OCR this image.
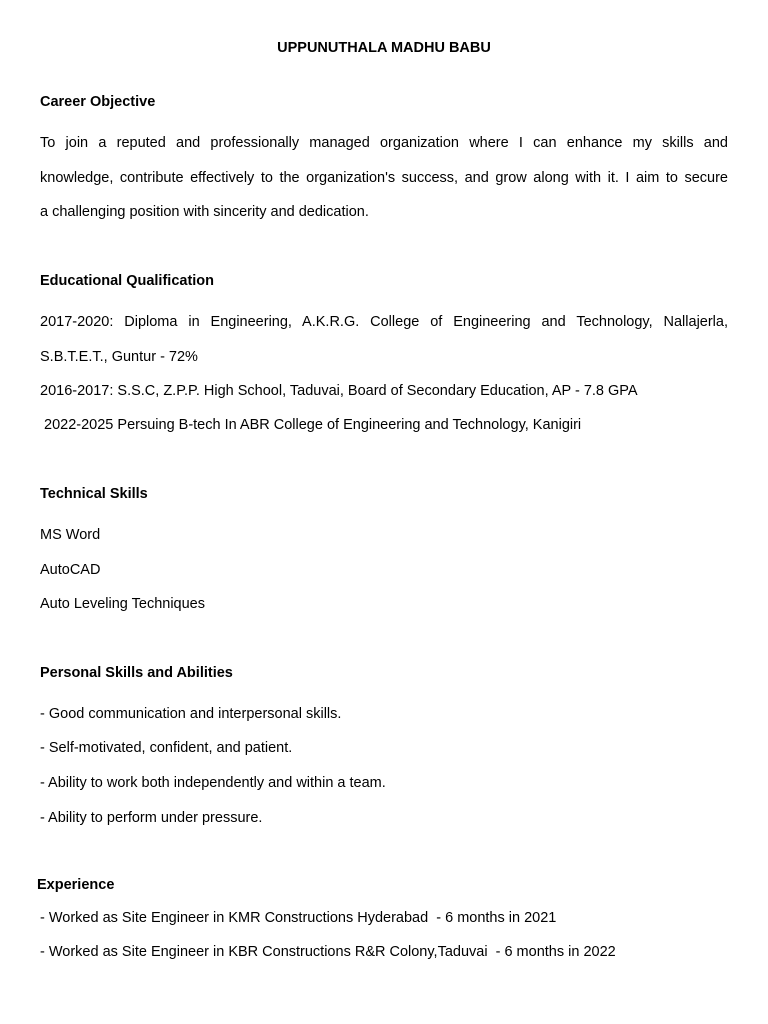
UPPUNUTHALA MADHU BABU
Career Objective
To join a reputed and professionally managed organization where I can enhance my skills and
knowledge, contribute effectively to the organization's success, and grow along with it. I aim to secure
a challenging position with sincerity and dedication.
Educational Qualification
2017-2020: Diploma in Engineering, A.K.R.G. College of Engineering and Technology, Nallajerla,
S.B.T.E.T., Guntur - 72%
2016-2017: S.S.C, Z.P.P. High School, Taduvai, Board of Secondary Education, AP - 7.8 GPA
2022-2025 Persuing B-tech In ABR College of Engineering and Technology, Kanigiri
Technical Skills
MS Word
AutoCAD
Auto Leveling Techniques
Personal Skills and Abilities
- Good communication and interpersonal skills.
- Self-motivated, confident, and patient.
- Ability to work both independently and within a team.
- Ability to perform under pressure.
Experience
- Worked as Site Engineer in KMR Constructions Hyderabad  - 6 months in 2021
- Worked as Site Engineer in KBR Constructions R&R Colony,Taduvai  - 6 months in 2022
